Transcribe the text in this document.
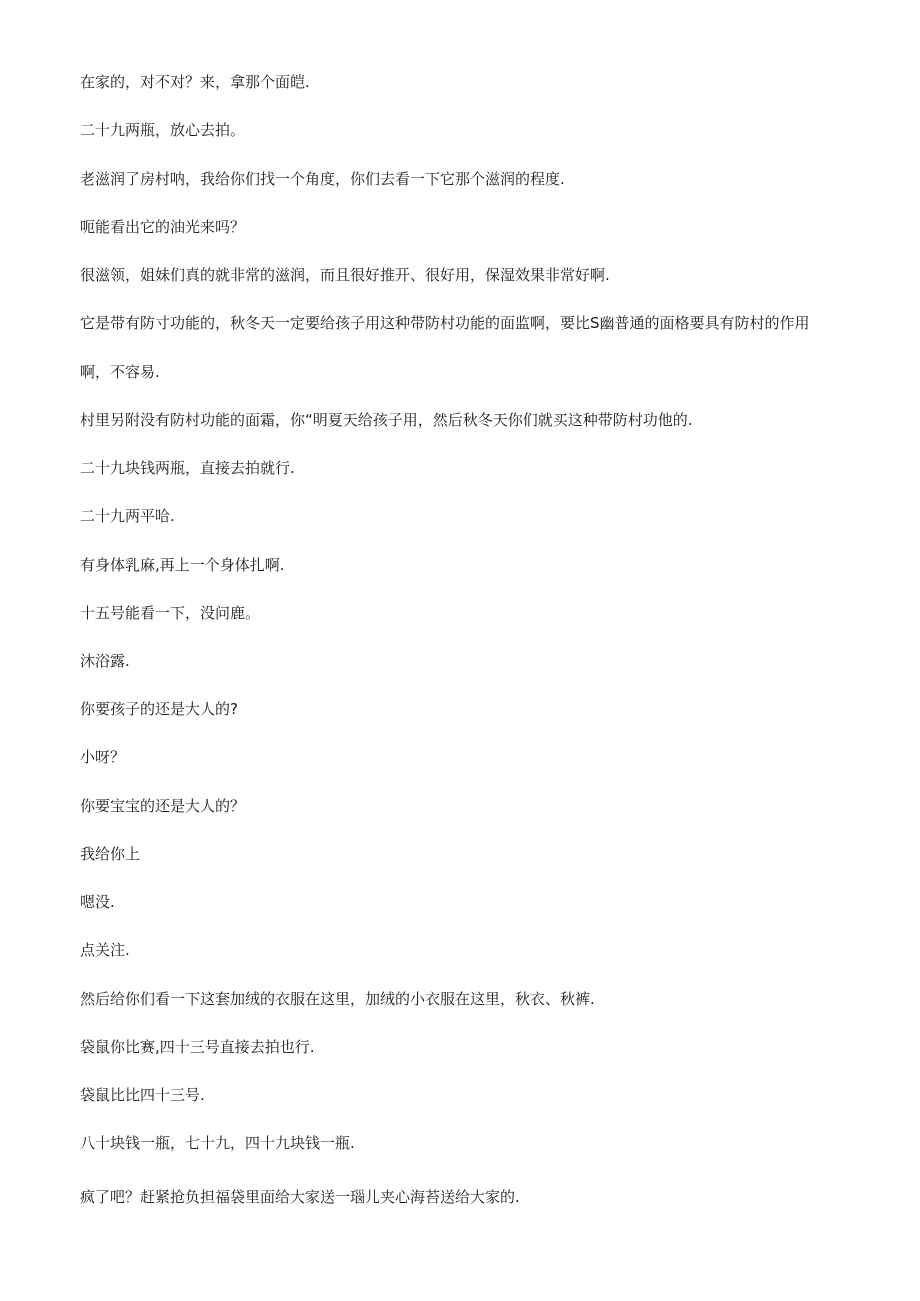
在家的，对不对？来，拿那个面皑.
二十九两瓶，放心去拍。
老滋润了房村呐，我给你们找一个角度，你们去看一下它那个滋润的程度.
呃能看出它的油光来吗？
很滋领，姐妹们真的就非常的滋润，而且很好推开、很好用，保湿效果非常好啊.
它是带有防寸功能的，秋冬天一定要给孩子用这种带防村功能的面监啊，要比S幽普通的面格要具有防村的作用
啊，不容易.
村里另附没有防村功能的面霜，你“明夏天给孩子用，然后秋冬天你们就买这种带防村功他的.
二十九块钱两瓶，直接去拍就行.
二十九两平哈.
有身体乳麻,再上一个身体扎啊.
十五号能看一下，没问鹿。
沐浴露.
你要孩子的还是大人的?
小呀？
你要宝宝的还是大人的？
我给你上
嗯没.
点关注.
然后给你们看一下这套加绒的衣服在这里，加绒的小衣服在这里，秋衣、秋裤.
袋鼠你比赛,四十三号直接去拍也行.
袋鼠比比四十三号.
八十块钱一瓶，七十九，四十九块钱一瓶.
疯了吧？赶紧抢负担福袋里面给大家送一瑙儿夹心海苔送给大家的.
